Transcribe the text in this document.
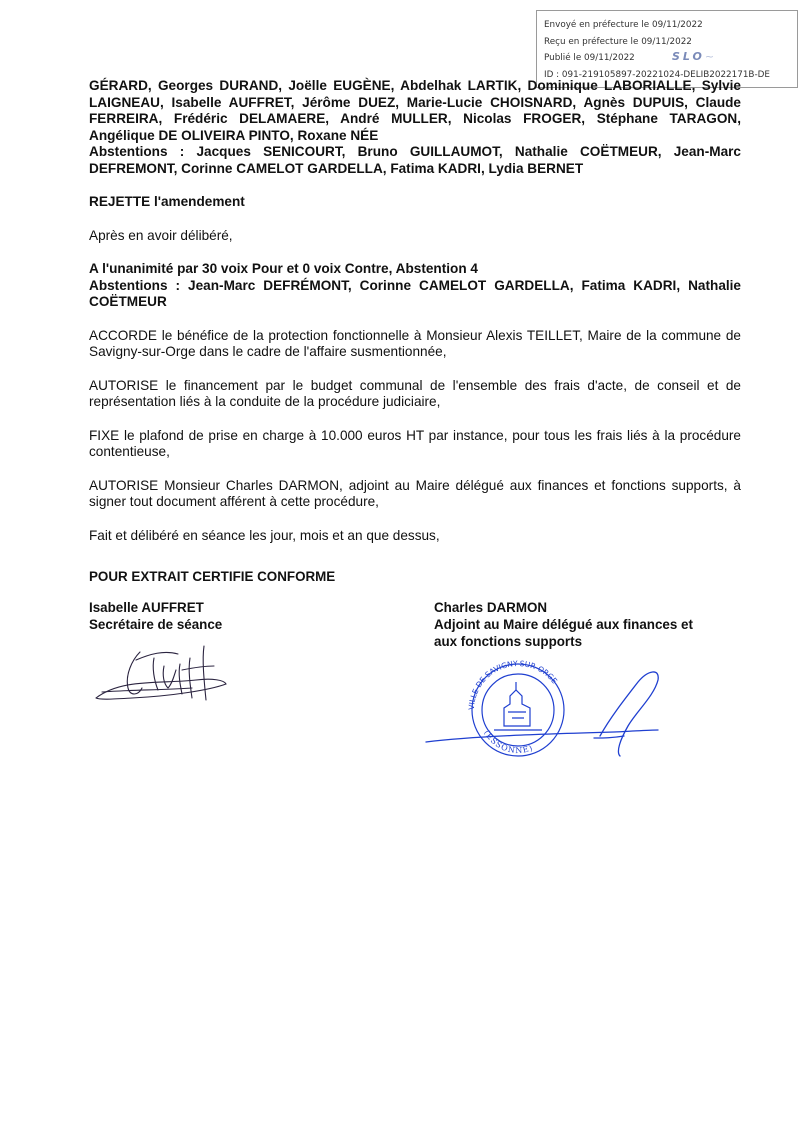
Envoyé en préfecture le 09/11/2022
Reçu en préfecture le 09/11/2022
Publié le 09/11/2022
ID : 091-219105897-20221024-DELIB2022171B-DE
SLO~

GÉRARD, Georges DURAND, Joëlle EUGÈNE, Abdelhak LARTIK, Dominique LABORIALLE, Sylvie LAIGNEAU, Isabelle AUFFRET, Jérôme DUEZ, Marie-Lucie CHOISNARD, Agnès DUPUIS, Claude FERREIRA, Frédéric DELAMAERE, André MULLER, Nicolas FROGER, Stéphane TARAGON, Angélique DE OLIVEIRA PINTO, Roxane NÉE

Abstentions : Jacques SENICOURT, Bruno GUILLAUMOT, Nathalie COËTMEUR, Jean-Marc DEFREMONT, Corinne CAMELOT GARDELLA, Fatima KADRI, Lydia BERNET

REJETTE l'amendement

Après en avoir délibéré,

A l'unanimité par 30 voix Pour et 0 voix Contre, Abstention 4

Abstentions : Jean-Marc DEFRÉMONT, Corinne CAMELOT GARDELLA, Fatima KADRI, Nathalie COËTMEUR

ACCORDE le bénéfice de la protection fonctionnelle à Monsieur Alexis TEILLET, Maire de la commune de Savigny-sur-Orge dans le cadre de l'affaire susmentionnée,

AUTORISE le financement par le budget communal de l'ensemble des frais d'acte, de conseil et de représentation liés à la conduite de la procédure judiciaire,

FIXE le plafond de prise en charge à 10.000 euros HT par instance, pour tous les frais liés à la procédure contentieuse,

AUTORISE Monsieur Charles DARMON, adjoint au Maire délégué aux finances et fonctions supports, à signer tout document afférent à cette procédure,

Fait et délibéré en séance les jour, mois et an que dessus,

POUR EXTRAIT CERTIFIE CONFORME
Isabelle AUFFRET
Secrétaire de séance
Charles DARMON
Adjoint au Maire délégué aux finances et
aux fonctions supports
VILLE DE SAVIGNY-SUR-ORGE
(ESSONNE)
